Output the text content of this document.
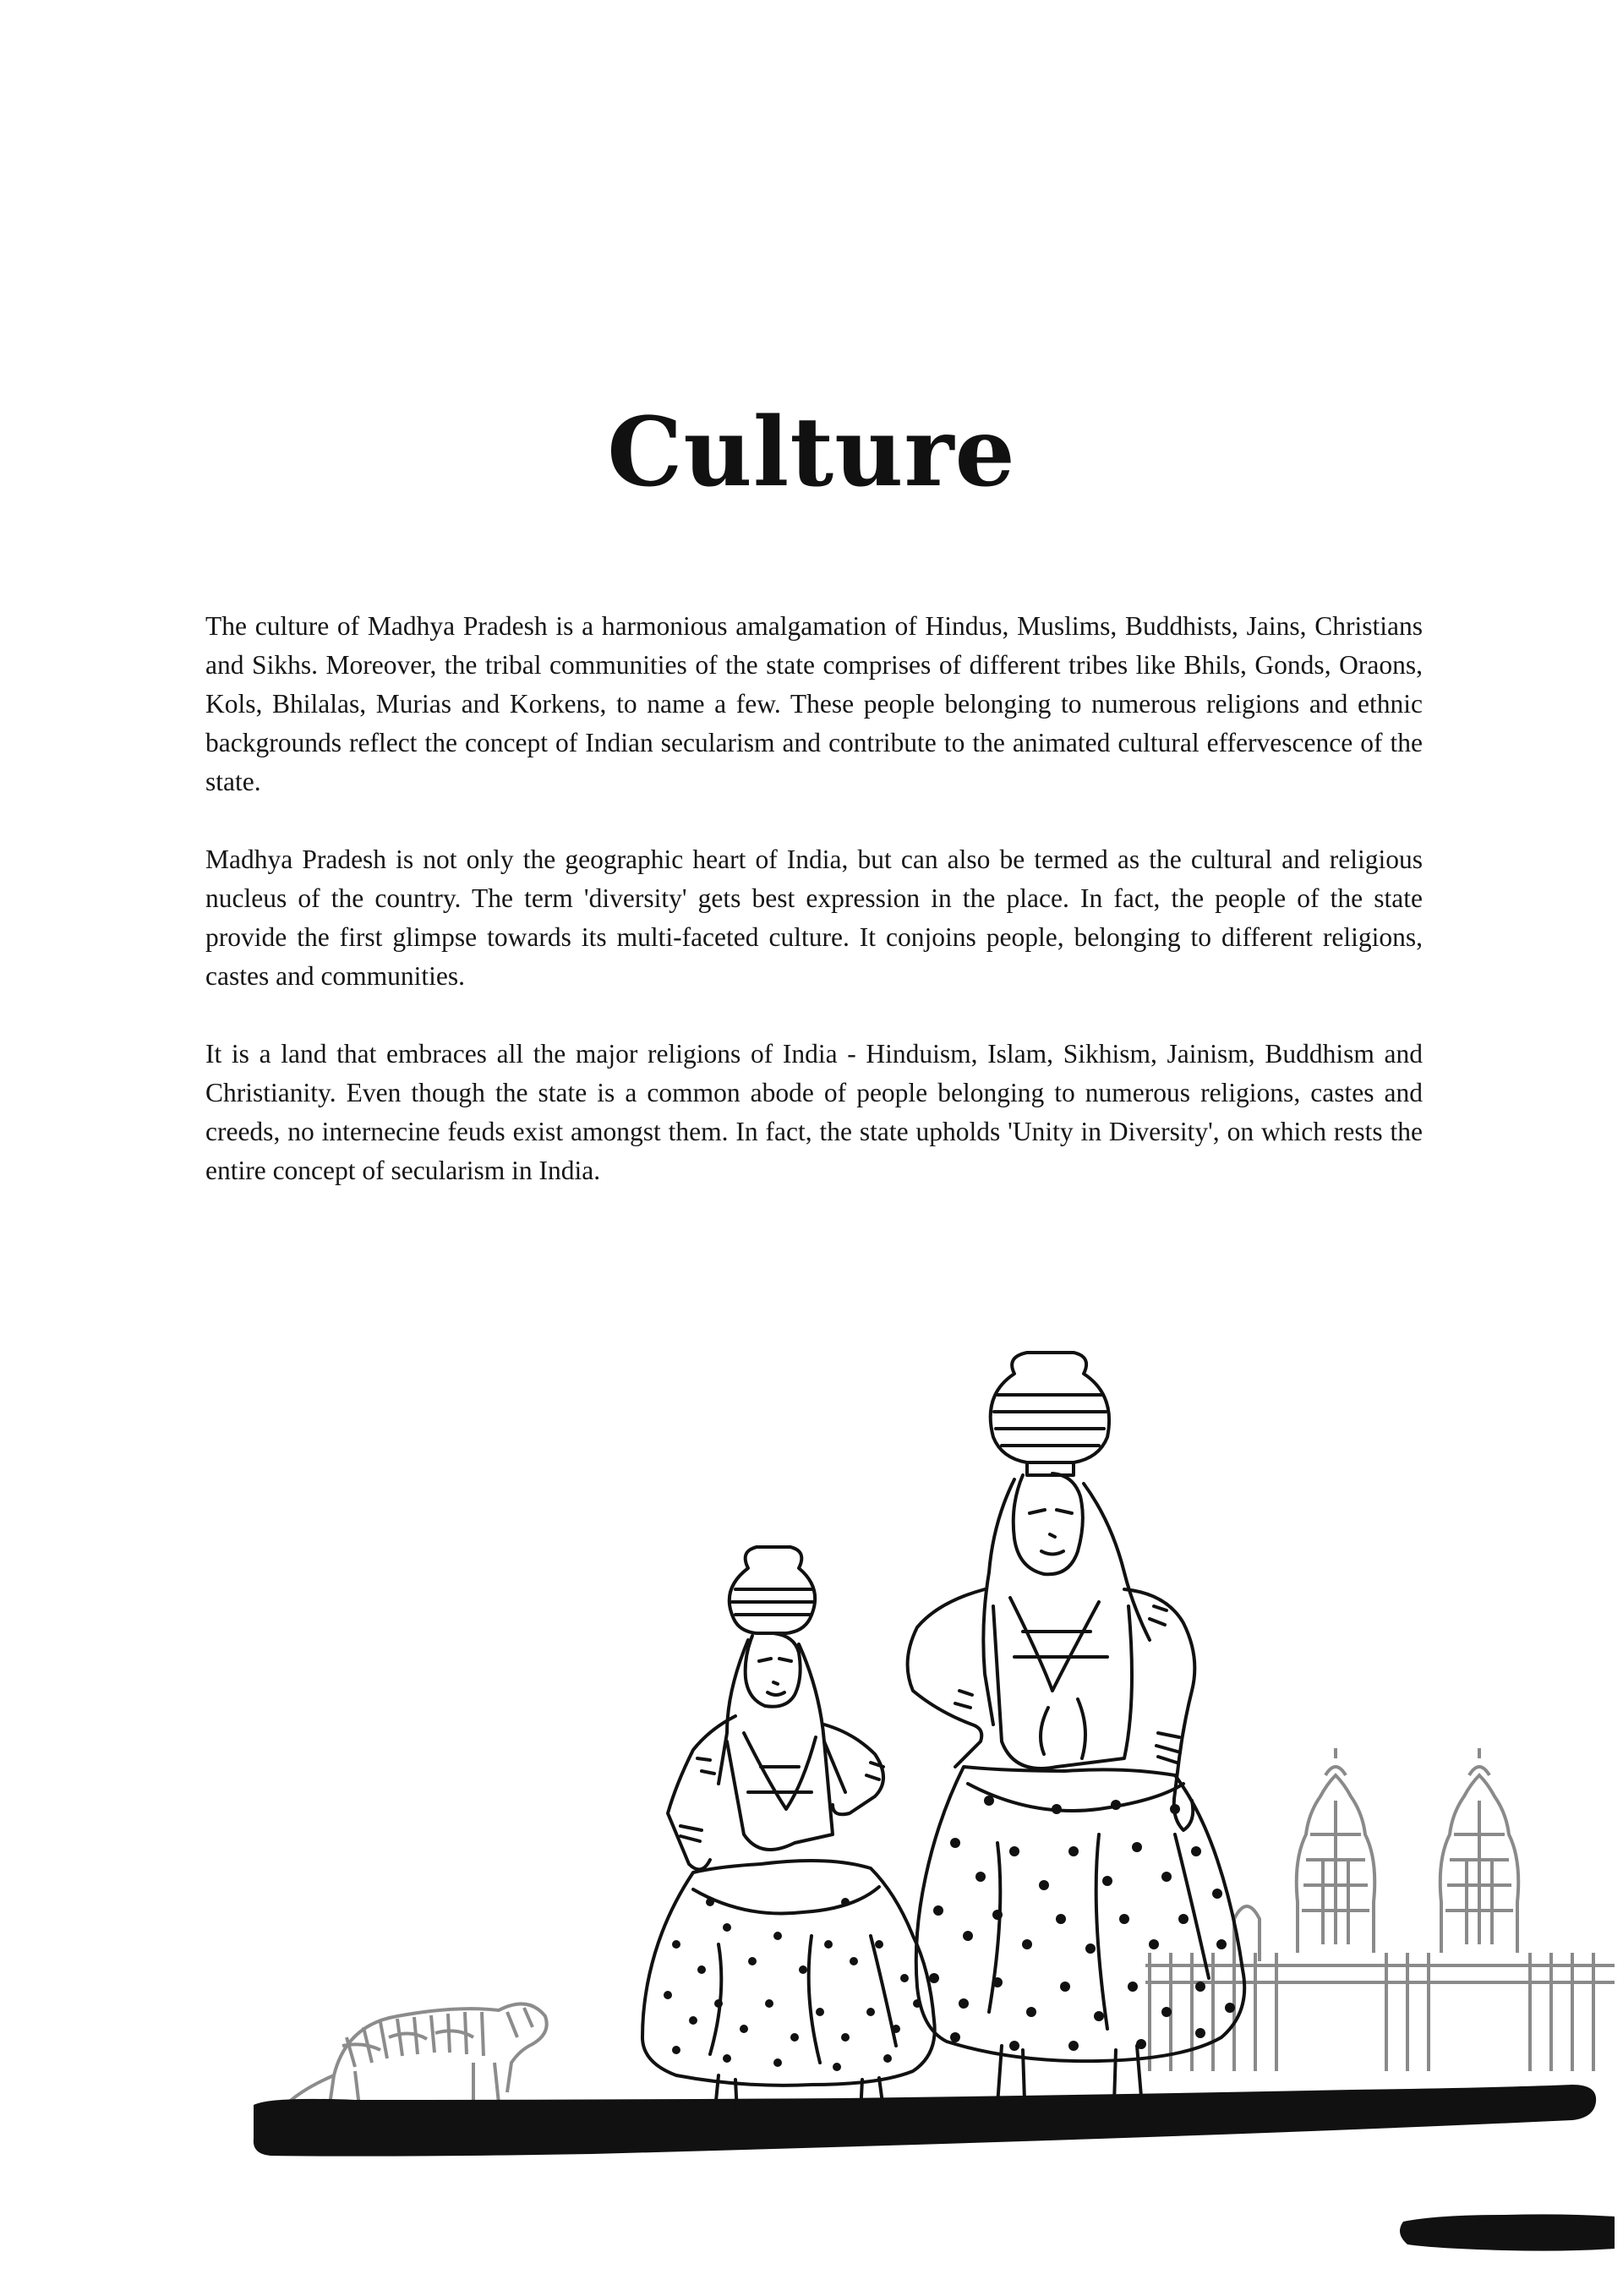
Culture

The culture of Madhya Pradesh is a harmonious amalgamation of Hindus, Muslims, Buddhists, Jains, Christians and Sikhs. Moreover, the tribal communities of the state comprises of different tribes like Bhils, Gonds, Oraons, Kols, Bhilalas, Murias and Korkens, to name a few. These people belonging to numerous religions and ethnic backgrounds reflect the concept of Indian secularism and contribute to the animated cultural effervescence of the state.

Madhya Pradesh is not only the geographic heart of India, but can also be termed as the cultural and religious nucleus of the country. The term 'diversity' gets best expression in the place. In fact, the people of the state provide the first glimpse towards its multi-faceted culture. It conjoins people, belonging to different religions, castes and communities.

It is a land that embraces all the major religions of India - Hinduism, Islam, Sikhism, Jainism, Buddhism and Christianity. Even though the state is a common abode of people belonging to numerous religions, castes and creeds, no internecine feuds exist amongst them. In fact, the state upholds 'Unity in Diversity', on which rests the entire concept of secularism in India.
